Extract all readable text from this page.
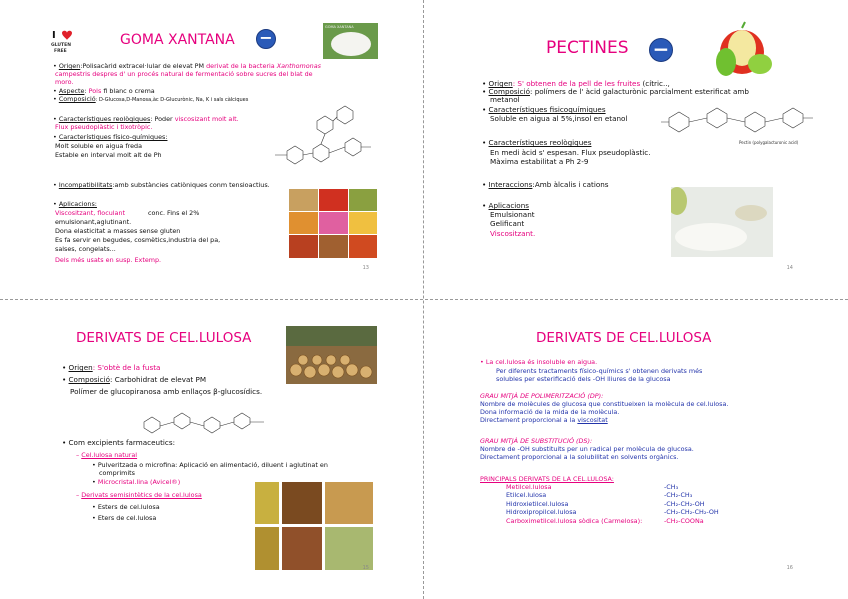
I
GLUTEN
FREE
GOMA XANTANA −
GOMA XANTANA
• Origen:Polisacàrid extracel·lular de elevat PM derivat de la bacteria Xanthomonas
campestris despres d' un procés natural de fermentació sobre sucres del blat de
moro.
• Aspecte: Pols fi blanc o crema
• Composició: D-Glucosa,D-Manosa,àc D-Glucurònic, Na, K i sals càlciques
• Característiques reològiques: Poder viscosizant molt alt.
Flux pseudoplàstic i tixotròpic.
• Característiques físico-químiques:
Molt soluble en aigua freda
Estable en interval molt alt de Ph
• Incompatibilitats:amb substàncies catiòniques conm tensioactius.
• Aplicacions:
Viscositzant, floculant	conc. Fins el 2%
emulsionant,aglutinant.
Dona elasticitat a masses sense gluten
Es fa servir en begudes, cosmètics,industria del pa,
salses, congelats...
Dels més usats en susp. Extemp.
13
PECTINES −
• Origen: S' obtenen de la pell de les fruites (cítric..,
• Composició: polímers de l' àcid galacturònic parcialment esterificat amb
metanol
• Característiques fisicoquímiques
Soluble en aigua al 5%,insol en etanol
Pectin (polygalacturonic acid)
• Característiques reològiques
En medi àcid s' espesan. Flux pseudoplàstic.
Màxima estabilitat a Ph 2-9
• Interaccions:Amb àlcalis i cations
• Aplicacions
Emulsionant
Gelificant
Viscositzant.
14
DERIVATS DE CEL.LULOSA
• Origen: S'obtè de la fusta
• Composició: Carbohidrat de elevat PM
Polímer de glucopiranosa amb enllaços β-glucosídics.
• Com excipients farmaceutics:
– Cel.lulosa natural
• Pulveritzada o microfina: Aplicació en alimentació, diluent i aglutinat en
comprimits
• Microcristal.lina (Avicel®)
– Derivats semisintètics de la cel.lulosa
• Esters de cel.lulosa
• Eters de cel.lulosa
15
DERIVATS DE CEL.LULOSA
• La cel.lulosa és insoluble en aigua.
Per diferents tractaments físico-químics s' obtenen derivats més
solubles per esterificació dels -OH lliures de la glucosa
GRAU MITJÀ DE POLIMERITZACIÓ (DP):
Nombre de molècules de glucosa que constitueixen la molècula de cel.lulosa.
Dona informació de la mida de la molècula.
Directament proporcional a la viscositat
GRAU MITJÀ DE SUBSTITUCIÓ (DS):
Nombre de -OH substituits per un radical per molècula de glucosa.
Directament proporcional a la solubilitat en solvents orgànics.
PRINCIPALS DERIVATS DE LA CEL.LULOSA:
Metilcel.lulosa	-CH₃
Etilcel.lulosa	-CH₂-CH₃
Hidroxietilcel.lulosa	-CH₂-CH₂-OH
Hidroxipropilcel.lulosa	-CH₂-CH₂-CH₂-OH
Carboximetilcel.lulosa sòdica (Carmelosa):	-CH₂-COONa
16
